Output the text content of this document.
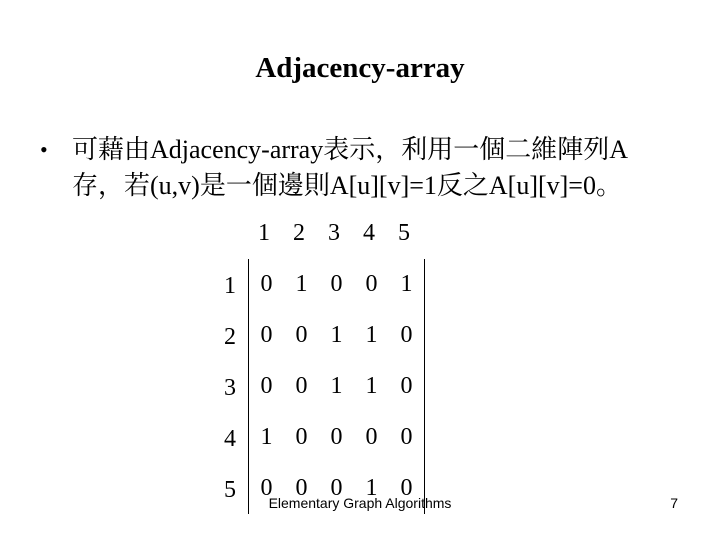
Adjacency-array
• 可藉由Adjacency-array表示，利用一個二維陣列A
存，若(u,v)是一個邊則A[u][v]=1反之A[u][v]=0。
1 2 3 4 5
1
2
3
4
5
0 1 0 0 1
0 0 1 1 0
0 0 1 1 0
1 0 0 0 0
0 0 0 1 0
Elementary Graph Algorithms	7
